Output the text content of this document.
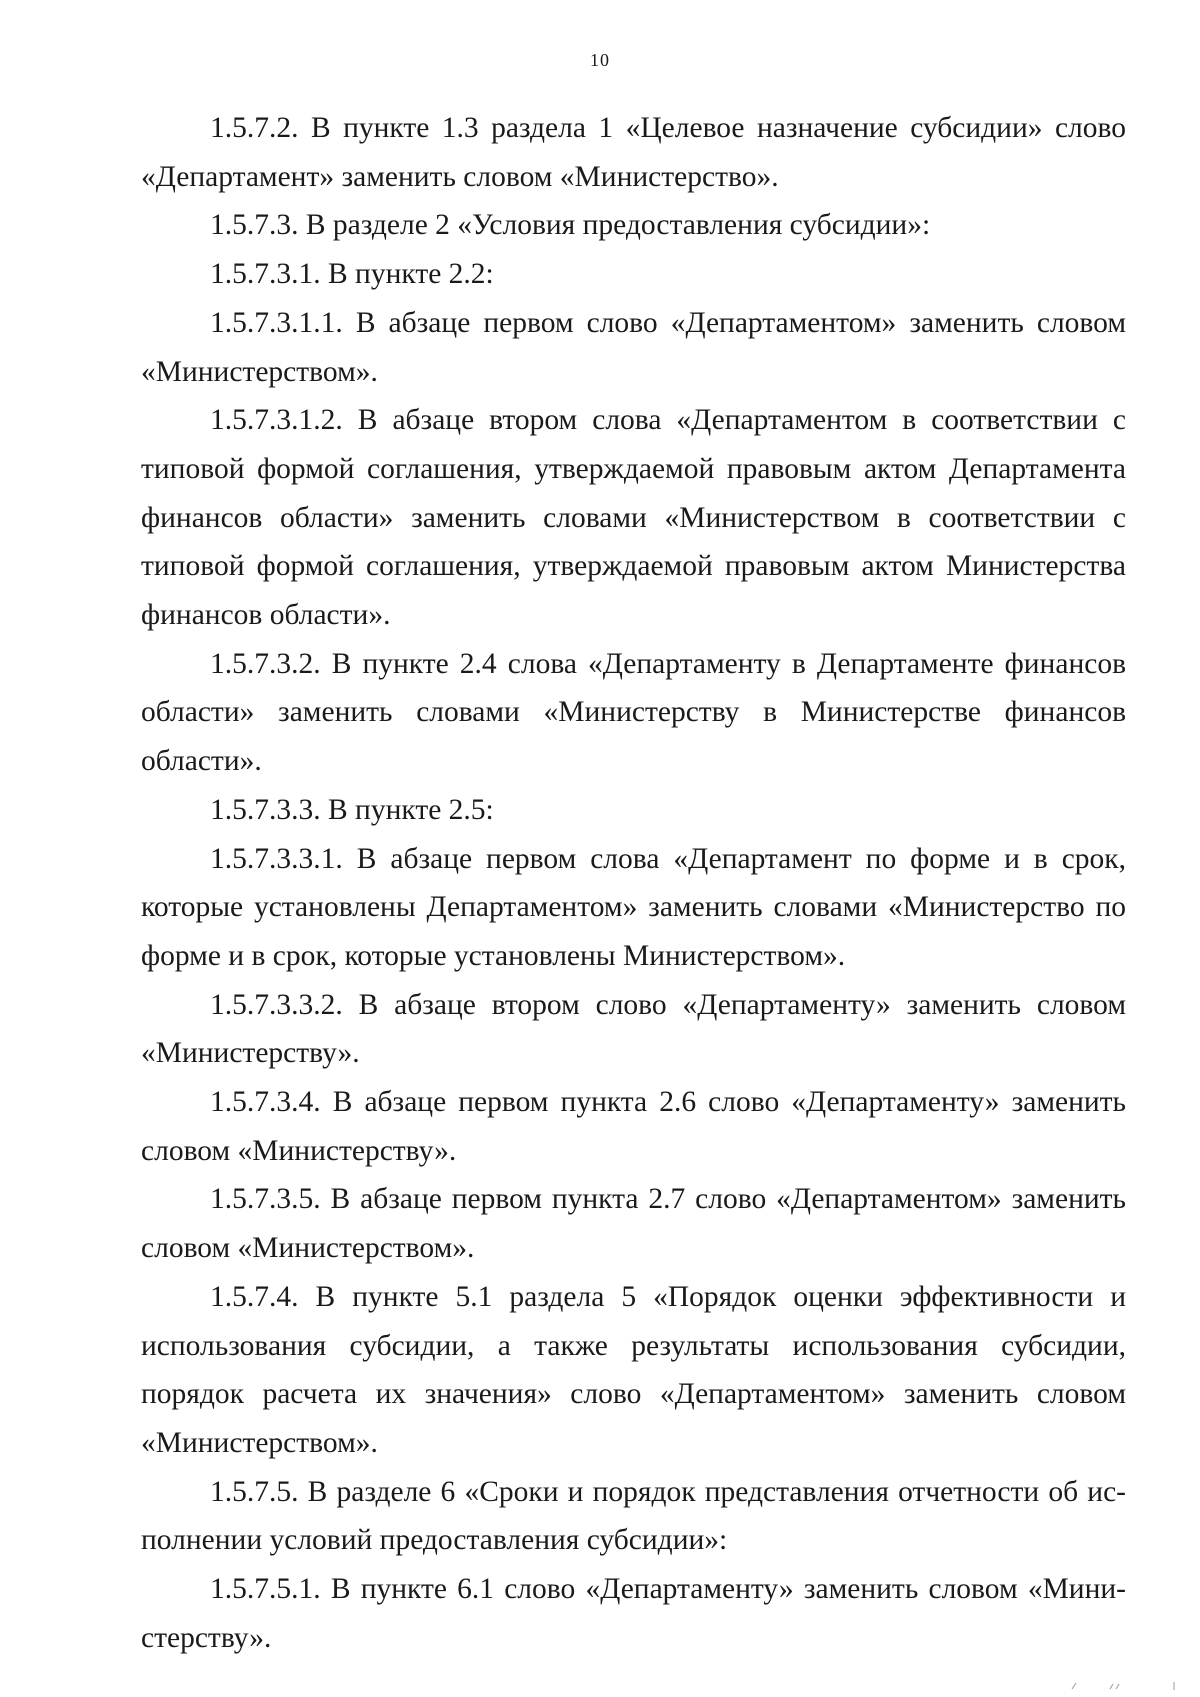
10

1.5.7.2. В пункте 1.3 раздела 1 «Целевое назначение субсидии» слово «Департамент» заменить словом «Министерство».

1.5.7.3. В разделе 2 «Условия предоставления субсидии»:

1.5.7.3.1. В пункте 2.2:

1.5.7.3.1.1. В абзаце первом слово «Департаментом» заменить словом «Министерством».

1.5.7.3.1.2. В абзаце втором слова «Департаментом в соответствии с типовой формой соглашения, утверждаемой правовым актом Департамента финансов области» заменить словами «Министерством в соответствии с типовой формой соглашения, утверждаемой правовым актом Министерства финансов области».

1.5.7.3.2. В пункте 2.4 слова «Департаменту в Департаменте финансов области» заменить словами «Министерству в Министерстве финансов области».

1.5.7.3.3. В пункте 2.5:

1.5.7.3.3.1. В абзаце первом слова «Департамент по форме и в срок, которые установлены Департаментом» заменить словами «Министерство по форме и в срок, которые установлены Министерством».

1.5.7.3.3.2. В абзаце втором слово «Департаменту» заменить словом «Министерству».

1.5.7.3.4. В абзаце первом пункта 2.6 слово «Департаменту» заменить словом «Министерству».

1.5.7.3.5. В абзаце первом пункта 2.7 слово «Департаментом» заменить словом «Министерством».

1.5.7.4. В пункте 5.1 раздела 5 «Порядок оценки эффективности и использования субсидии, а также результаты использования субсидии, порядок расчета их значения» слово «Департаментом» заменить словом «Министерством».

1.5.7.5. В разделе 6 «Сроки и порядок представления отчетности об исполнении условий предоставления субсидии»:

1.5.7.5.1. В пункте 6.1 слово «Департаменту» заменить словом «Министерству».
